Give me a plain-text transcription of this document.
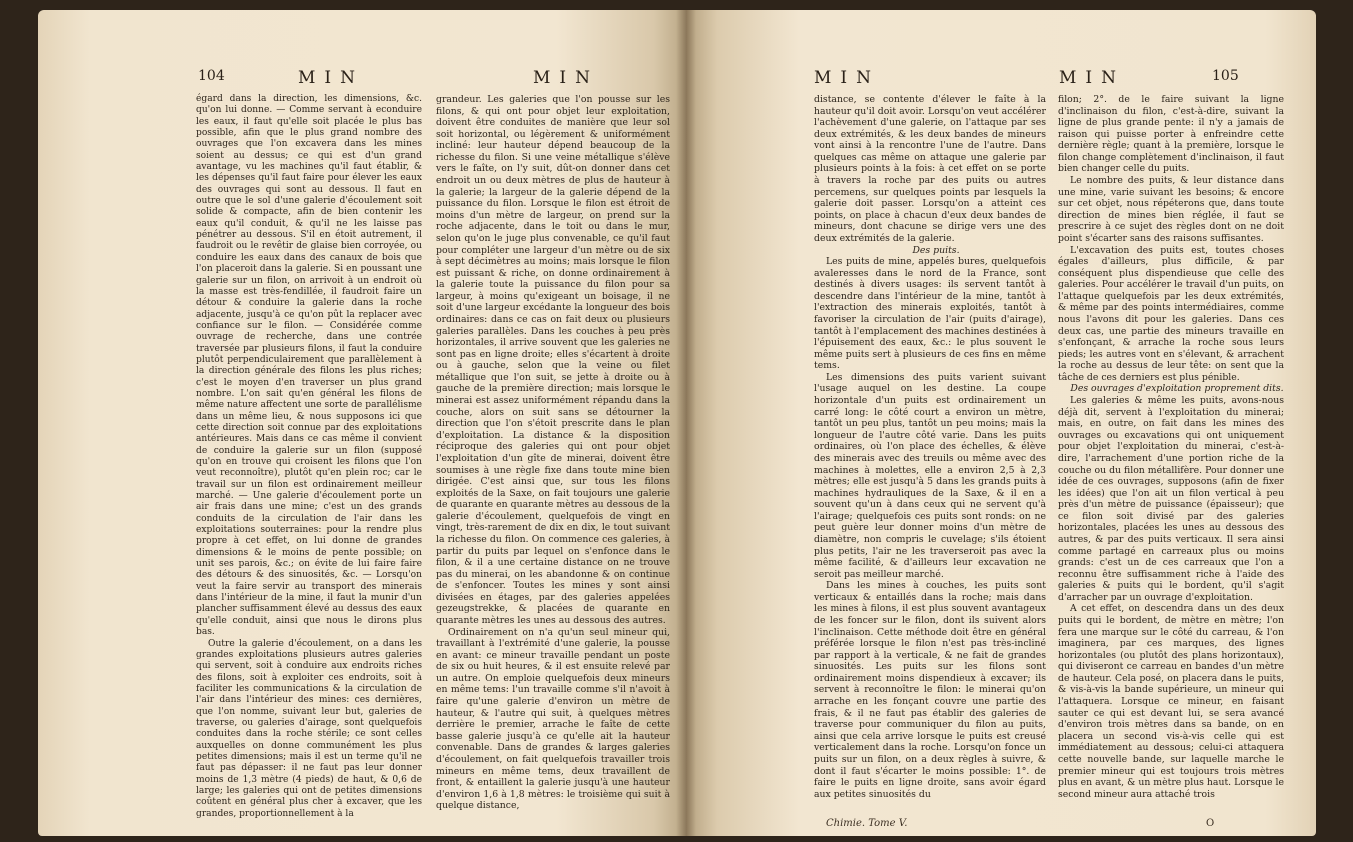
104	MIN	MIN

égard dans la direction, les dimensions, &c. qu'on lui donne. — Comme servant à econduire les eaux, il faut qu'elle soit placée le plus bas possible, afin que le plus grand nombre des ouvrages que l'on excavera dans les mines soient au dessus; ce qui est d'un grand avantage, vu les machines qu'il faut établir, & les dépenses qu'il faut faire pour élever les eaux des ouvrages qui sont au dessous. Il faut en outre que le sol d'une galerie d'écoulement soit solide & compacte, afin de bien contenir les eaux qu'il conduit, & qu'il ne les laisse pas pénétrer au dessous. S'il en étoit autrement, il faudroit ou le revêtir de glaise bien corroyée, ou conduire les eaux dans des canaux de bois que l'on placeroit dans la galerie. Si en poussant une galerie sur un filon, on arrivoit à un endroit où la masse est très-fendillée, il faudroit faire un détour & conduire la galerie dans la roche adjacente, jusqu'à ce qu'on pût la replacer avec confiance sur le filon. — Considérée comme ouvrage de recherche, dans une contrée traversée par plusieurs filons, il faut la conduire plutôt perpendiculairement que parallèlement à la direction générale des filons les plus riches; c'est le moyen d'en traverser un plus grand nombre. L'on sait qu'en général les filons de même nature affectent une sorte de parallélisme dans un même lieu, & nous supposons ici que cette direction soit connue par des exploitations antérieures. Mais dans ce cas même il convient de conduire la galerie sur un filon (supposé qu'on en trouve qui croisent les filons que l'on veut reconnoître), plutôt qu'en plein roc; car le travail sur un filon est ordinairement meilleur marché. — Une galerie d'écoulement porte un air frais dans une mine; c'est un des grands conduits de la circulation de l'air dans les exploitations souterraines: pour la rendre plus propre à cet effet, on lui donne de grandes dimensions & le moins de pente possible; on unit ses parois, &c.; on évite de lui faire faire des détours & des sinuosités, &c. — Lorsqu'on veut la faire servir au transport des minerais dans l'intérieur de la mine, il faut la munir d'un plancher suffisamment élevé au dessus des eaux qu'elle conduit, ainsi que nous le dirons plus bas.

Outre la galerie d'écoulement, on a dans les grandes exploitations plusieurs autres galeries qui servent, soit à conduire aux endroits riches des filons, soit à exploiter ces endroits, soit à faciliter les communications & la circulation de l'air dans l'intérieur des mines: ces dernières, que l'on nomme, suivant leur but, galeries de traverse, ou galeries d'airage, sont quelquefois conduites dans la roche stérile; ce sont celles auxquelles on donne communément les plus petites dimensions; mais il est un terme qu'il ne faut pas dépasser: il ne faut pas leur donner moins de 1,3 mètre (4 pieds) de haut, & 0,6 de large; les galeries qui ont de petites dimensions coûtent en général plus cher à excaver, que les grandes, proportionnellement à la

grandeur. Les galeries que l'on pousse sur les filons, & qui ont pour objet leur exploitation, doivent être conduites de manière que leur sol soit horizontal, ou légèrement & uniformément incliné: leur hauteur dépend beaucoup de la richesse du filon. Si une veine métallique s'élève vers le faîte, on l'y suit, dût-on donner dans cet endroit un ou deux mètres de plus de hauteur à la galerie; la largeur de la galerie dépend de la puissance du filon. Lorsque le filon est étroit de moins d'un mètre de largeur, on prend sur la roche adjacente, dans le toit ou dans le mur, selon qu'on le juge plus convenable, ce qu'il faut pour compléter une largeur d'un mètre ou de six à sept décimètres au moins; mais lorsque le filon est puissant & riche, on donne ordinairement à la galerie toute la puissance du filon pour sa largeur, à moins qu'exigeant un boisage, il ne soit d'une largeur excédante la longueur des bois ordinaires: dans ce cas on fait deux ou plusieurs galeries parallèles. Dans les couches à peu près horizontales, il arrive souvent que les galeries ne sont pas en ligne droite; elles s'écartent à droite ou à gauche, selon que la veine ou filet métallique que l'on suit, se jette à droite ou à gauche de la première direction; mais lorsque le minerai est assez uniformément répandu dans la couche, alors on suit sans se détourner la direction que l'on s'étoit prescrite dans le plan d'exploitation. La distance & la disposition réciproque des galeries qui ont pour objet l'exploitation d'un gîte de minerai, doivent être soumises à une règle fixe dans toute mine bien dirigée. C'est ainsi que, sur tous les filons exploités de la Saxe, on fait toujours une galerie de quarante en quarante mètres au dessous de la galerie d'écoulement, quelquefois de vingt en vingt, très-rarement de dix en dix, le tout suivant la richesse du filon. On commence ces galeries, à partir du puits par lequel on s'enfonce dans le filon, & il a une certaine distance on ne trouve pas du minerai, on les abandonne & on continue de s'enfoncer. Toutes les mines y sont ainsi divisées en étages, par des galeries appelées gezeugstrekke, & placées de quarante en quarante mètres les unes au dessous des autres.

Ordinairement on n'a qu'un seul mineur qui, travaillant à l'extrémité d'une galerie, la pousse en avant: ce mineur travaille pendant un poste de six ou huit heures, & il est ensuite relevé par un autre. On emploie quelquefois deux mineurs en même tems: l'un travaille comme s'il n'avoit à faire qu'une galerie d'environ un mètre de hauteur, & l'autre qui suit, à quelques mètres derrière le premier, arrache le faîte de cette basse galerie jusqu'à ce qu'elle ait la hauteur convenable. Dans de grandes & larges galeries d'écoulement, on fait quelquefois travailler trois mineurs en même tems, deux travaillent de front, & entaillent la galerie jusqu'à une hauteur d'environ 1,6 à 1,8 mètres: le troisième qui suit à quelque distance,

MIN	MIN	105

distance, se contente d'élever le faîte à la hauteur qu'il doit avoir. Lorsqu'on veut accélérer l'achèvement d'une galerie, on l'attaque par ses deux extrémités, & les deux bandes de mineurs vont ainsi à la rencontre l'une de l'autre. Dans quelques cas même on attaque une galerie par plusieurs points à la fois: à cet effet on se porte à travers la roche par des puits ou autres percemens, sur quelques points par lesquels la galerie doit passer. Lorsqu'on a atteint ces points, on place à chacun d'eux deux bandes de mineurs, dont chacune se dirige vers une des deux extrémités de la galerie.

Des puits.

Les puits de mine, appelés bures, quelquefois avaleresses dans le nord de la France, sont destinés à divers usages: ils servent tantôt à descendre dans l'intérieur de la mine, tantôt à l'extraction des minerais exploités, tantôt à favoriser la circulation de l'air (puits d'airage), tantôt à l'emplacement des machines destinées à l'épuisement des eaux, &c.: le plus souvent le même puits sert à plusieurs de ces fins en même tems.

Les dimensions des puits varient suivant l'usage auquel on les destine. La coupe horizontale d'un puits est ordinairement un carré long: le côté court a environ un mètre, tantôt un peu plus, tantôt un peu moins; mais la longueur de l'autre côté varie. Dans les puits ordinaires, où l'on place des échelles, & élève des minerais avec des treuils ou même avec des machines à molettes, elle a environ 2,5 à 2,3 mètres; elle est jusqu'à 5 dans les grands puits à machines hydrauliques de la Saxe, & il en a souvent qu'un à dans ceux qui ne servent qu'à l'airage; quelquefois ces puits sont ronds: on ne peut guère leur donner moins d'un mètre de diamètre, non compris le cuvelage; s'ils étoient plus petits, l'air ne les traverseroit pas avec la même facilité, & d'ailleurs leur excavation ne seroit pas meilleur marché.

Dans les mines à couches, les puits sont verticaux & entaillés dans la roche; mais dans les mines à filons, il est plus souvent avantageux de les foncer sur le filon, dont ils suivent alors l'inclinaison. Cette méthode doit être en général préférée lorsque le filon n'est pas très-incliné par rapport à la verticale, & ne fait de grandes sinuosités. Les puits sur les filons sont ordinairement moins dispendieux à excaver; ils servent à reconnoître le filon: le minerai qu'on arrache en les fonçant couvre une partie des frais, & il ne faut pas établir des galeries de traverse pour communiquer du filon au puits, ainsi que cela arrive lorsque le puits est creusé verticalement dans la roche. Lorsqu'on fonce un puits sur un filon, on a deux règles à suivre, & dont il faut s'écarter le moins possible: 1°. de faire le puits en ligne droite, sans avoir égard aux petites sinuosités du

filon; 2°. de le faire suivant la ligne d'inclinaison du filon, c'est-à-dire, suivant la ligne de plus grande pente: il n'y a jamais de raison qui puisse porter à enfreindre cette dernière règle; quant à la première, lorsque le filon change complètement d'inclinaison, il faut bien changer celle du puits.

Le nombre des puits, & leur distance dans une mine, varie suivant les besoins; & encore sur cet objet, nous répéterons que, dans toute direction de mines bien réglée, il faut se prescrire à ce sujet des règles dont on ne doit point s'écarter sans des raisons suffisantes.

L'excavation des puits est, toutes choses égales d'ailleurs, plus difficile, & par conséquent plus dispendieuse que celle des galeries. Pour accélérer le travail d'un puits, on l'attaque quelquefois par les deux extrémités, & même par des points intermédiaires, comme nous l'avons dit pour les galeries. Dans ces deux cas, une partie des mineurs travaille en s'enfonçant, & arrache la roche sous leurs pieds; les autres vont en s'élevant, & arrachent la roche au dessus de leur tête: on sent que la tâche de ces derniers est plus pénible.

Des ouvrages d'exploitation proprement dits.

Les galeries & même les puits, avons-nous déjà dit, servent à l'exploitation du minerai; mais, en outre, on fait dans les mines des ouvrages ou excavations qui ont uniquement pour objet l'exploitation du minerai, c'est-à-dire, l'arrachement d'une portion riche de la couche ou du filon métallifère. Pour donner une idée de ces ouvrages, supposons (afin de fixer les idées) que l'on ait un filon vertical à peu près d'un mètre de puissance (épaisseur); que ce filon soit divisé par des galeries horizontales, placées les unes au dessous des autres, & par des puits verticaux. Il sera ainsi comme partagé en carreaux plus ou moins grands: c'est un de ces carreaux que l'on a reconnu être suffisamment riche à l'aide des galeries & puits qui le bordent, qu'il s'agit d'arracher par un ouvrage d'exploitation.

A cet effet, on descendra dans un des deux puits qui le bordent, de mètre en mètre; l'on fera une marque sur le côté du carreau, & l'on imaginera, par ces marques, des lignes horizontales (ou plutôt des plans horizontaux), qui diviseront ce carreau en bandes d'un mètre de hauteur. Cela posé, on placera dans le puits, & vis-à-vis la bande supérieure, un mineur qui l'attaquera. Lorsque ce mineur, en faisant sauter ce qui est devant lui, se sera avancé d'environ trois mètres dans sa bande, on en placera un second vis-à-vis celle qui est immédiatement au dessous; celui-ci attaquera cette nouvelle bande, sur laquelle marche le premier mineur qui est toujours trois mètres plus en avant, & un mètre plus haut. Lorsque le second mineur aura attaché trois

Chimie. Tome V.	O
